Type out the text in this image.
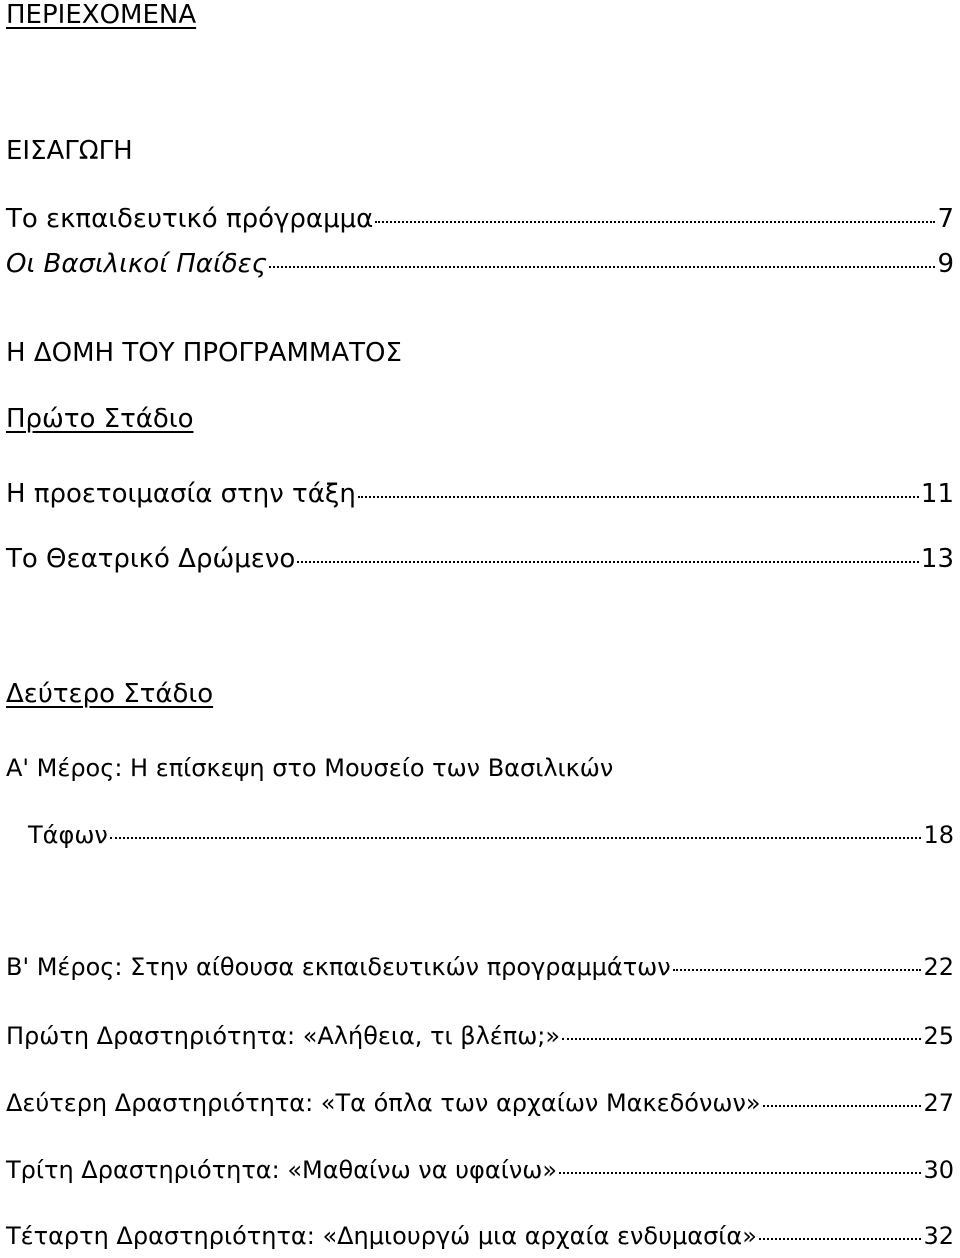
ΠΕΡΙΕΧΟΜΕΝΑ
ΕΙΣΑΓΩΓΗ
Το εκπαιδευτικό πρόγραμμα	7
Οι Βασιλικοί Παίδες	9
Η ΔΟΜΗ ΤΟΥ ΠΡΟΓΡΑΜΜΑΤΟΣ
Πρώτο Στάδιο
Η προετοιμασία στην τάξη	11
Το Θεατρικό Δρώμενο	13
Δεύτερο Στάδιο
Α' Μέρος: Η επίσκεψη στο Μουσείο των Βασιλικών
Τάφων	18
Β' Μέρος: Στην αίθουσα εκπαιδευτικών προγραμμάτων	22
Πρώτη Δραστηριότητα: «Αλήθεια, τι βλέπω;»	25
Δεύτερη Δραστηριότητα: «Τα όπλα των αρχαίων Μακεδόνων»	27
Τρίτη Δραστηριότητα: «Μαθαίνω να υφαίνω»	30
Τέταρτη Δραστηριότητα: «Δημιουργώ μια αρχαία ενδυμασία»	32
